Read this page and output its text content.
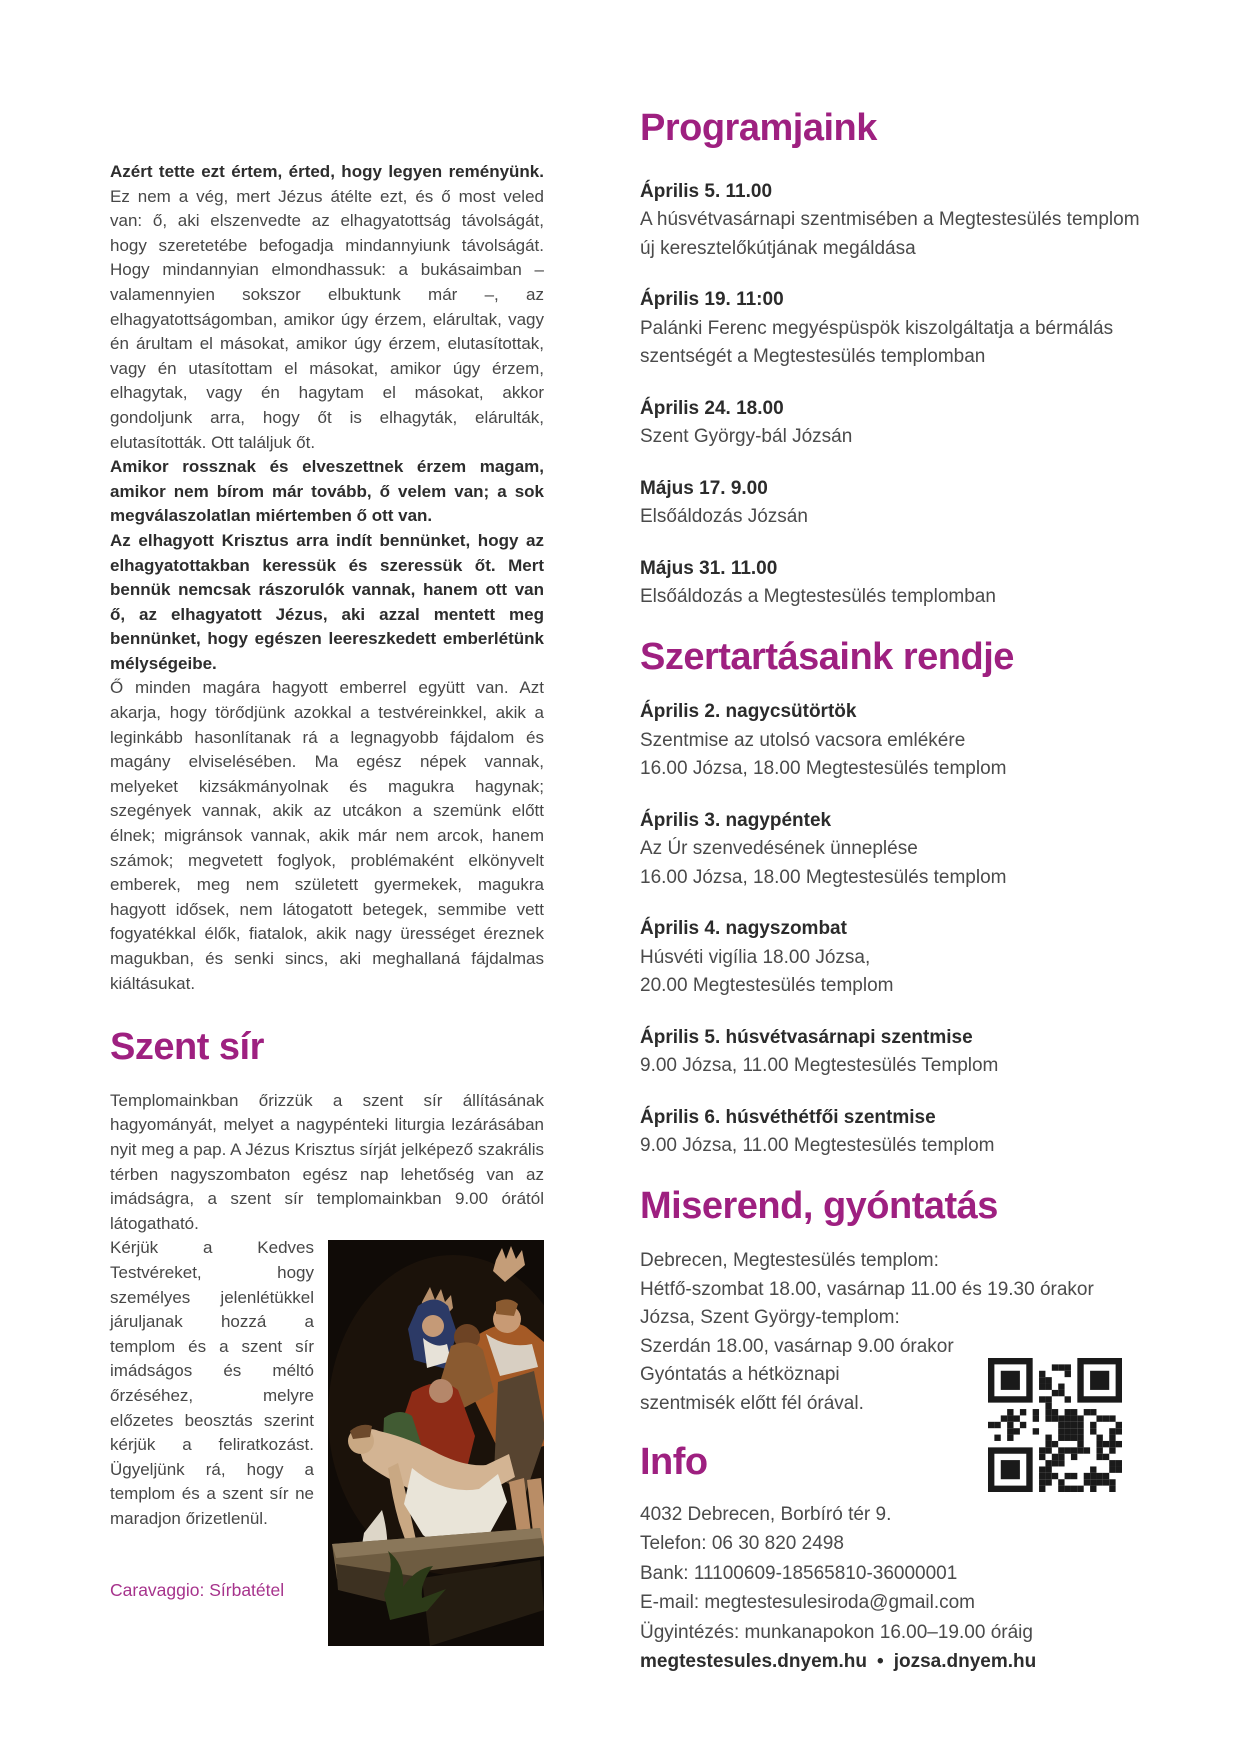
Azért tette ezt értem, érted, hogy legyen reményünk. Ez nem a vég, mert Jézus átélte ezt, és ő most veled van: ő, aki elszenvedte az elhagyatottság távolságát, hogy szeretetébe befogadja mindannyiunk távolságát. Hogy mindannyian elmondhassuk: a bukásaimban – valamennyien sokszor elbuktunk már –, az elhagyatottságomban, amikor úgy érzem, elárultak, vagy én árultam el másokat, amikor úgy érzem, elutasítottak, vagy én utasítottam el másokat, amikor úgy érzem, elhagytak, vagy én hagytam el másokat, akkor gondoljunk arra, hogy őt is elhagyták, elárulták, elutasították. Ott találjuk őt.

Amikor rossznak és elveszettnek érzem magam, amikor nem bírom már tovább, ő velem van; a sok megválaszolatlan miértemben ő ott van.

Az elhagyott Krisztus arra indít bennünket, hogy az elhagyatottakban keressük és szeressük őt. Mert bennük nemcsak rászorulók vannak, hanem ott van ő, az elhagyatott Jézus, aki azzal mentett meg bennünket, hogy egészen leereszkedett emberlétünk mélységeibe.

Ő minden magára hagyott emberrel együtt van. Azt akarja, hogy törődjünk azokkal a testvéreinkkel, akik a leginkább hasonlítanak rá a legnagyobb fájdalom és magány elviselésében. Ma egész népek vannak, melyeket kizsákmányolnak és magukra hagynak; szegények vannak, akik az utcákon a szemünk előtt élnek; migránsok vannak, akik már nem arcok, hanem számok; megvetett foglyok, problémaként elkönyvelt emberek, meg nem született gyermekek, magukra hagyott idősek, nem látogatott betegek, semmibe vett fogyatékkal élők, fiatalok, akik nagy ürességet éreznek magukban, és senki sincs, aki meghallaná fájdalmas kiáltásukat.

Szent sír

Templomainkban őrizzük a szent sír állításának hagyományát, melyet a nagypénteki liturgia lezárásában nyit meg a pap. A Jézus Krisztus sírját jelképező szakrális térben nagyszombaton egész nap lehetőség van az imádságra, a szent sír templomainkban 9.00 órától látogatható.

Kérjük a Kedves Testvéreket, hogy személyes jelenlétükkel járuljanak hozzá a templom és a szent sír imádságos és méltó őrzéséhez, melyre előzetes beosztás szerint kérjük a feliratkozást. Ügyeljünk rá, hogy a templom és a szent sír ne maradjon őrizetlenül.

Caravaggio: Sírbatétel

Programjaink

Április 5. 11.00

A húsvétvasárnapi szentmisében a Megtestesülés templom új keresztelőkútjának megáldása

Április 19. 11:00

Palánki Ferenc megyéspüspök kiszolgáltatja a bérmálás szentségét a Megtestesülés templomban

Április 24. 18.00

Szent György-bál Józsán

Május 17. 9.00

Elsőáldozás Józsán

Május 31. 11.00

Elsőáldozás a Megtestesülés templomban

Szertartásaink rendje

Április 2. nagycsütörtök

Szentmise az utolsó vacsora emlékére

16.00 Józsa, 18.00 Megtestesülés templom

Április 3. nagypéntek

Az Úr szenvedésének ünneplése

16.00 Józsa, 18.00 Megtestesülés templom

Április 4. nagyszombat

Húsvéti vigília 18.00 Józsa,

20.00 Megtestesülés templom

Április 5. húsvétvasárnapi szentmise

9.00 Józsa, 11.00 Megtestesülés Templom

Április 6. húsvéthétfői szentmise

9.00 Józsa, 11.00 Megtestesülés templom

Miserend, gyóntatás

Debrecen, Megtestesülés templom:

Hétfő-szombat 18.00, vasárnap 11.00 és 19.30 órakor

Józsa, Szent György-templom:

Szerdán 18.00, vasárnap 9.00 órakor

Gyóntatás a hétköznapi

szentmisék előtt fél órával.

Info

4032 Debrecen, Borbíró tér 9.

Telefon: 06 30 820 2498

Bank: 11100609-18565810-36000001

E-mail: megtestesulesiroda@gmail.com

Ügyintézés: munkanapokon 16.00–19.00 óráig

megtestesules.dnyem.hu • jozsa.dnyem.hu
